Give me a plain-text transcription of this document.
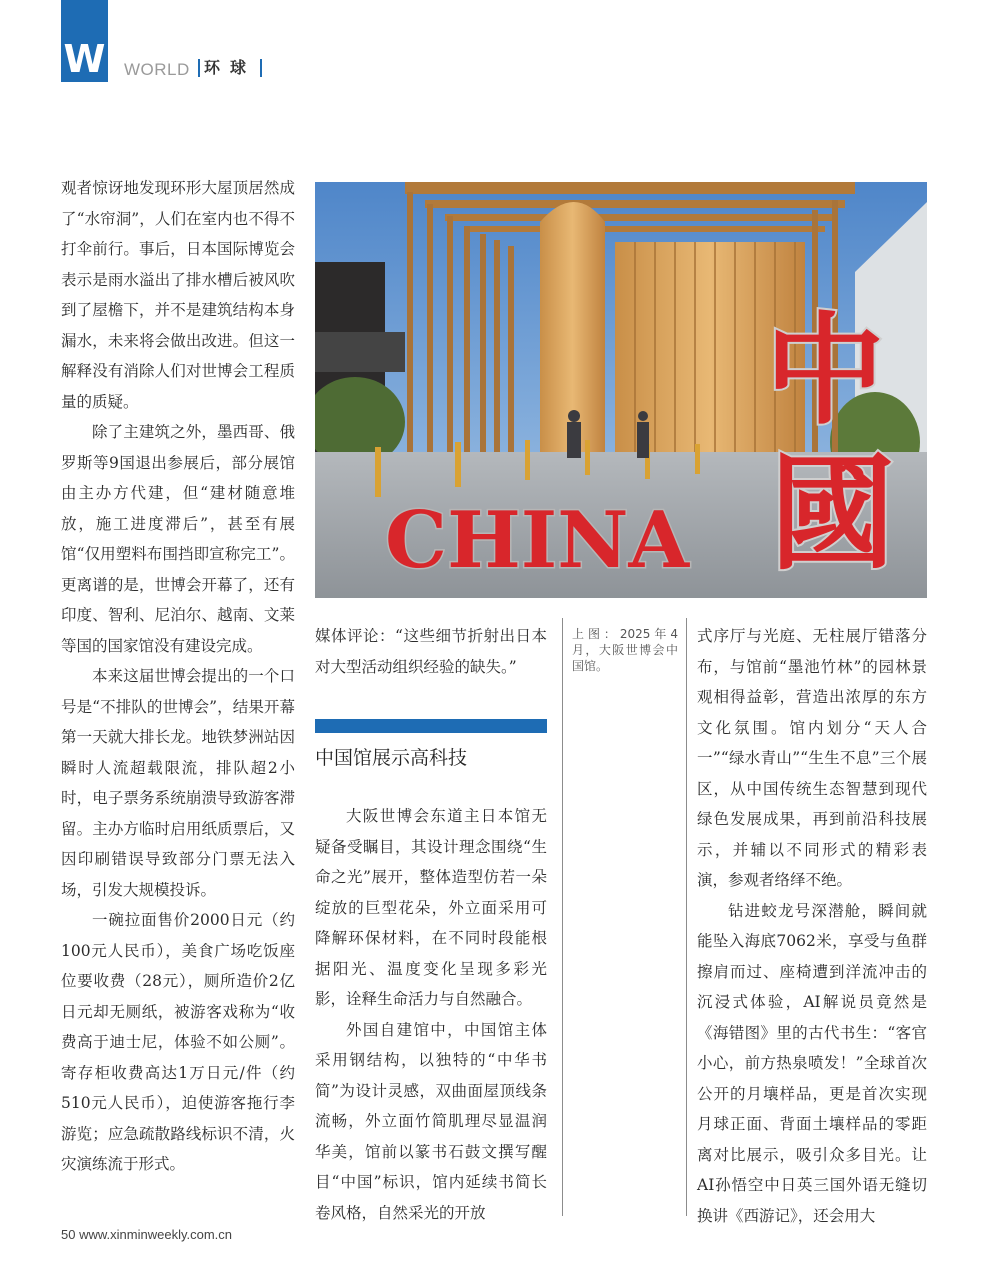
W WORLD 环球

观者惊讶地发现环形大屋顶居然成了“水帘洞”，人们在室内也不得不打伞前行。事后，日本国际博览会表示是雨水溢出了排水槽后被风吹到了屋檐下，并不是建筑结构本身漏水，未来将会做出改进。但这一解释没有消除人们对世博会工程质量的质疑。

除了主建筑之外，墨西哥、俄罗斯等9国退出参展后，部分展馆由主办方代建，但“建材随意堆放，施工进度滞后”，甚至有展馆“仅用塑料布围挡即宣称完工”。更离谱的是，世博会开幕了，还有印度、智利、尼泊尔、越南、文莱等国的国家馆没有建设完成。

本来这届世博会提出的一个口号是“不排队的世博会”，结果开幕第一天就大排长龙。地铁梦洲站因瞬时人流超载限流，排队超2小时，电子票务系统崩溃导致游客滞留。主办方临时启用纸质票后，又因印刷错误导致部分门票无法入场，引发大规模投诉。

一碗拉面售价2000日元（约100元人民币），美食广场吃饭座位要收费（28元），厕所造价2亿日元却无厕纸，被游客戏称为“收费高于迪士尼，体验不如公厕”。寄存柜收费高达1万日元/件（约510元人民币），迫使游客拖行李游览；应急疏散路线标识不清，火灾演练流于形式。

CHINA
中
國

媒体评论：“这些细节折射出日本对大型活动组织经验的缺失。”

中国馆展示高科技

大阪世博会东道主日本馆无疑备受瞩目，其设计理念围绕“生命之光”展开，整体造型仿若一朵绽放的巨型花朵，外立面采用可降解环保材料，在不同时段能根据阳光、温度变化呈现多彩光影，诠释生命活力与自然融合。

外国自建馆中，中国馆主体采用钢结构，以独特的“中华书简”为设计灵感，双曲面屋顶线条流畅，外立面竹简肌理尽显温润华美，馆前以篆书石鼓文撰写醒目“中国”标识，馆内延续书简长卷风格，自然采光的开放

上图：2025年4月，大阪世博会中国馆。

式序厅与光庭、无柱展厅错落分布，与馆前“墨池竹林”的园林景观相得益彰，营造出浓厚的东方文化氛围。馆内划分“天人合一”“绿水青山”“生生不息”三个展区，从中国传统生态智慧到现代绿色发展成果，再到前沿科技展示，并辅以不同形式的精彩表演，参观者络绎不绝。

钻进蛟龙号深潜舱，瞬间就能坠入海底7062米，享受与鱼群擦肩而过、座椅遭到洋流冲击的沉浸式体验，AI解说员竟然是《海错图》里的古代书生：“客官小心，前方热泉喷发！”全球首次公开的月壤样品，更是首次实现月球正面、背面土壤样品的零距离对比展示，吸引众多目光。让AI孙悟空中日英三国外语无缝切换讲《西游记》，还会用大

50 www.xinminweekly.com.cn
